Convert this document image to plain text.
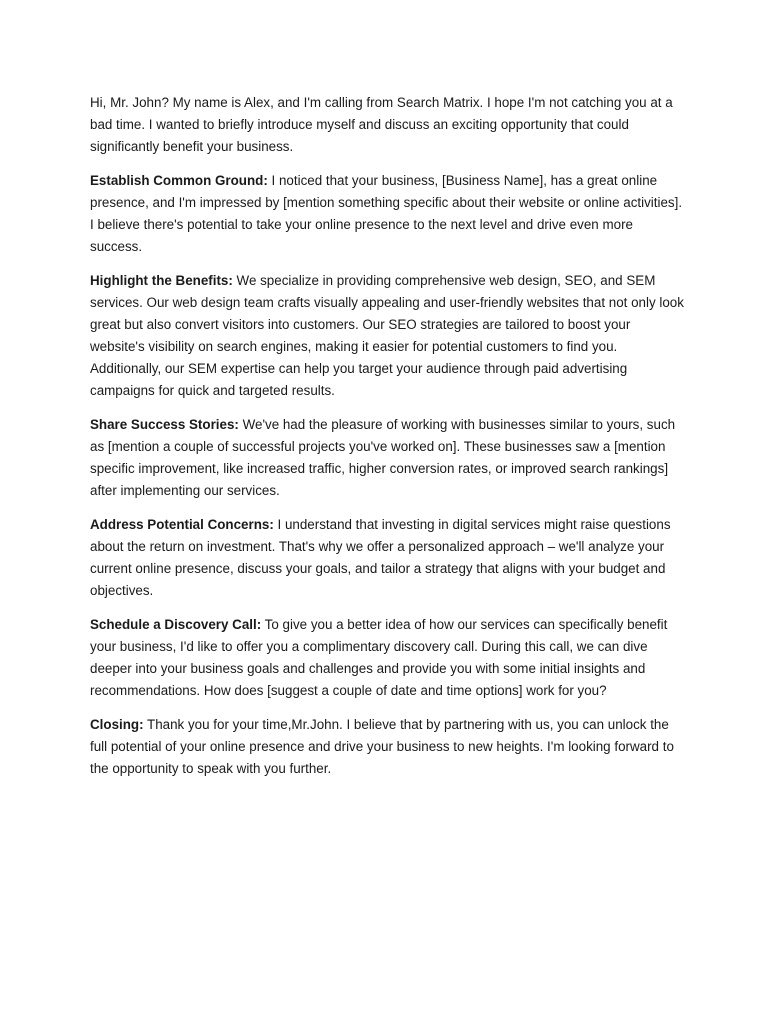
Hi, Mr. John? My name is Alex, and I'm calling from Search Matrix. I hope I'm not catching you at a bad time. I wanted to briefly introduce myself and discuss an exciting opportunity that could significantly benefit your business.

Establish Common Ground: I noticed that your business, [Business Name], has a great online presence, and I'm impressed by [mention something specific about their website or online activities]. I believe there's potential to take your online presence to the next level and drive even more success.

Highlight the Benefits: We specialize in providing comprehensive web design, SEO, and SEM services. Our web design team crafts visually appealing and user-friendly websites that not only look great but also convert visitors into customers. Our SEO strategies are tailored to boost your website's visibility on search engines, making it easier for potential customers to find you. Additionally, our SEM expertise can help you target your audience through paid advertising campaigns for quick and targeted results.

Share Success Stories: We've had the pleasure of working with businesses similar to yours, such as [mention a couple of successful projects you've worked on]. These businesses saw a [mention specific improvement, like increased traffic, higher conversion rates, or improved search rankings] after implementing our services.

Address Potential Concerns: I understand that investing in digital services might raise questions about the return on investment. That's why we offer a personalized approach – we'll analyze your current online presence, discuss your goals, and tailor a strategy that aligns with your budget and objectives.

Schedule a Discovery Call: To give you a better idea of how our services can specifically benefit your business, I'd like to offer you a complimentary discovery call. During this call, we can dive deeper into your business goals and challenges and provide you with some initial insights and recommendations. How does [suggest a couple of date and time options] work for you?

Closing: Thank you for your time,Mr.John. I believe that by partnering with us, you can unlock the full potential of your online presence and drive your business to new heights. I'm looking forward to the opportunity to speak with you further.
